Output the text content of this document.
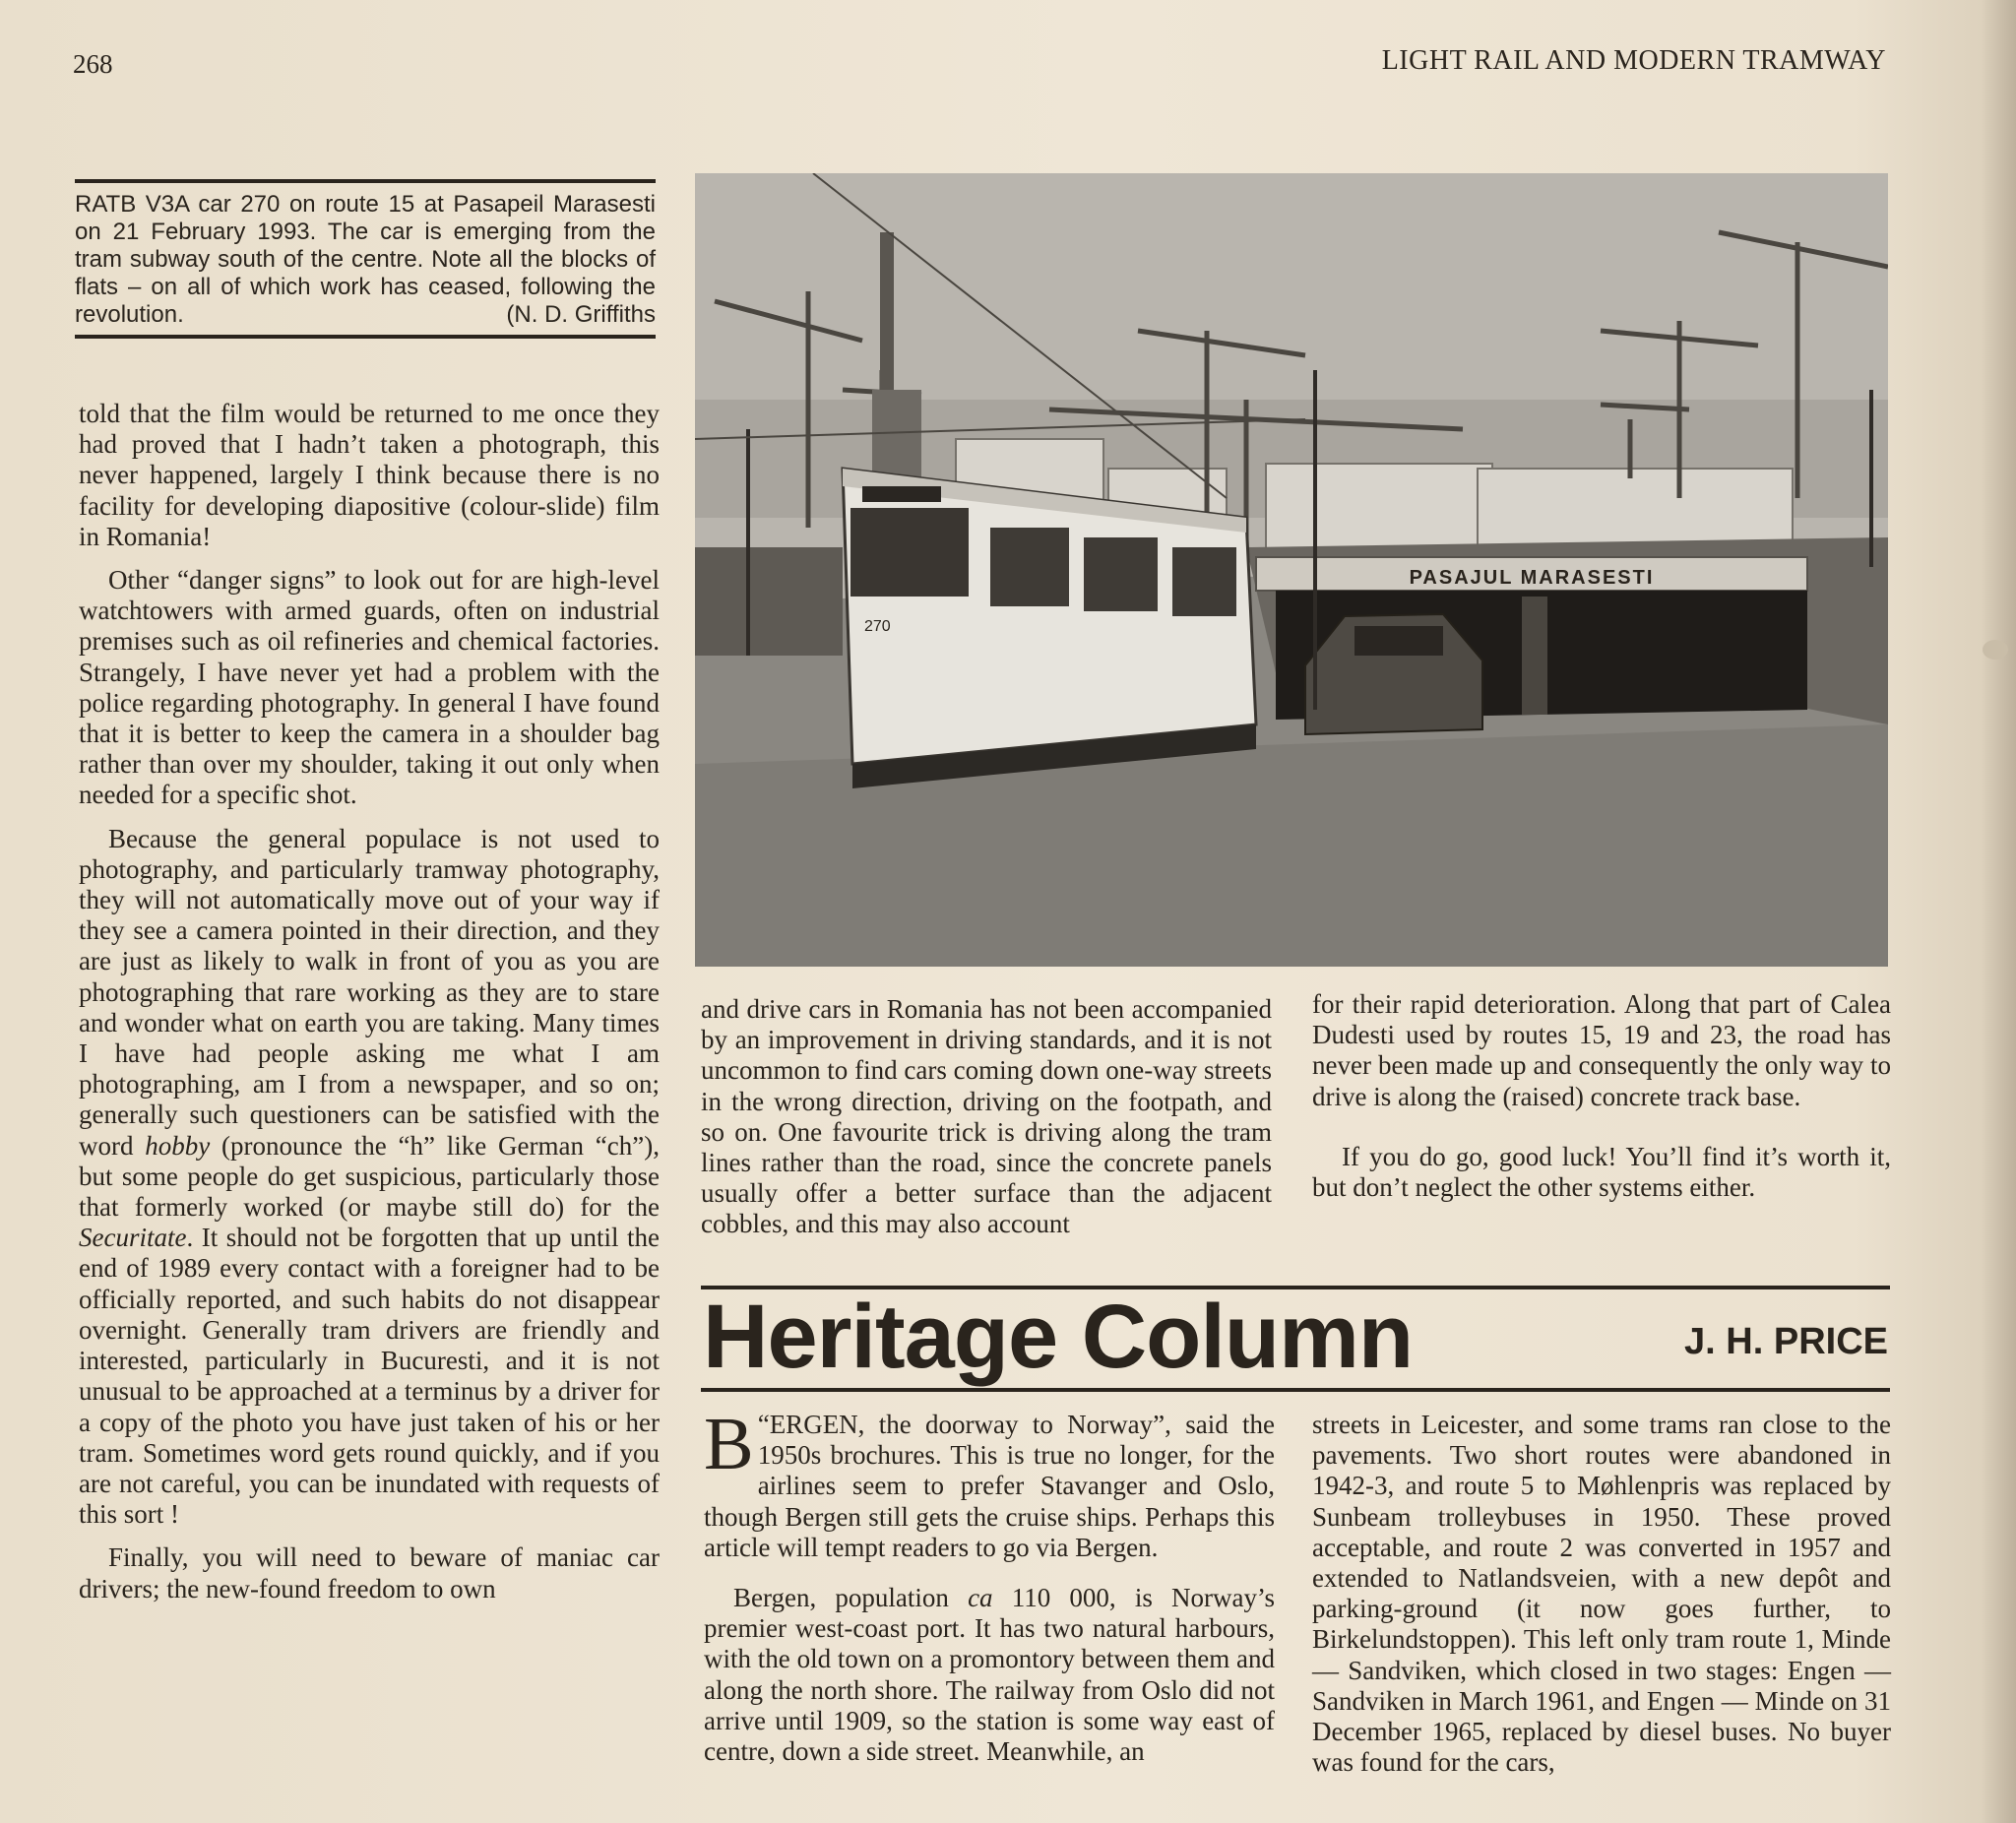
268	LIGHT RAIL AND MODERN TRAMWAY

RATB V3A car 270 on route 15 at Pasapeil Marasesti on 21 February 1993. The car is emerging from the tram subway south of the centre. Note all the blocks of flats – on all of which work has ceased, following the revolution.	(N. D. Griffiths

told that the film would be returned to me once they had proved that I hadn’t taken a photograph, this never happened, largely I think because there is no facility for developing diapositive (colour-slide) film in Romania!

Other “danger signs” to look out for are high-level watchtowers with armed guards, often on industrial premises such as oil refineries and chemical factories. Strangely, I have never yet had a problem with the police regarding photography. In general I have found that it is better to keep the camera in a shoulder bag rather than over my shoulder, taking it out only when needed for a specific shot.

Because the general populace is not used to photography, and particularly tramway photography, they will not automatically move out of your way if they see a camera pointed in their direction, and they are just as likely to walk in front of you as you are photographing that rare working as they are to stare and wonder what on earth you are taking. Many times I have had people asking me what I am photographing, am I from a newspaper, and so on; generally such questioners can be satisfied with the word hobby (pronounce the “h” like German “ch”), but some people do get suspicious, particularly those that formerly worked (or maybe still do) for the Securitate. It should not be forgotten that up until the end of 1989 every contact with a foreigner had to be officially reported, and such habits do not disappear overnight. Generally tram drivers are friendly and interested, particularly in Bucuresti, and it is not unusual to be approached at a terminus by a driver for a copy of the photo you have just taken of his or her tram. Sometimes word gets round quickly, and if you are not careful, you can be inundated with requests of this sort !

Finally, you will need to beware of maniac car drivers; the new-found freedom to own

PASAJUL MARASESTI
270

and drive cars in Romania has not been accompanied by an improvement in driving standards, and it is not uncommon to find cars coming down one-way streets in the wrong direction, driving on the footpath, and so on. One favourite trick is driving along the tram lines rather than the road, since the concrete panels usually offer a better surface than the adjacent cobbles, and this may also account

for their rapid deterioration. Along that part of Calea Dudesti used by routes 15, 19 and 23, the road has never been made up and consequently the only way to drive is along the (raised) concrete track base.

If you do go, good luck! You’ll find it’s worth it, but don’t neglect the other systems either.

Heritage Column	J. H. PRICE

“
B ERGEN, the doorway to Norway”, said the 1950s brochures. This is true no longer, for the airlines seem to prefer Stavanger and Oslo, though Bergen still gets the cruise ships. Perhaps this article will tempt readers to go via Bergen.

Bergen, population ca 110 000, is Norway’s premier west-coast port. It has two natural harbours, with the old town on a promontory between them and along the north shore. The railway from Oslo did not arrive until 1909, so the station is some way east of centre, down a side street. Meanwhile, an

streets in Leicester, and some trams ran close to the pavements. Two short routes were abandoned in 1942-3, and route 5 to Møhlenpris was replaced by Sunbeam trolleybuses in 1950. These proved acceptable, and route 2 was converted in 1957 and extended to Natlandsveien, with a new depôt and parking-ground (it now goes further, to Birkelundstoppen). This left only tram route 1, Minde — Sandviken, which closed in two stages: Engen — Sandviken in March 1961, and Engen — Minde on 31 December 1965, replaced by diesel buses. No buyer was found for the cars,
